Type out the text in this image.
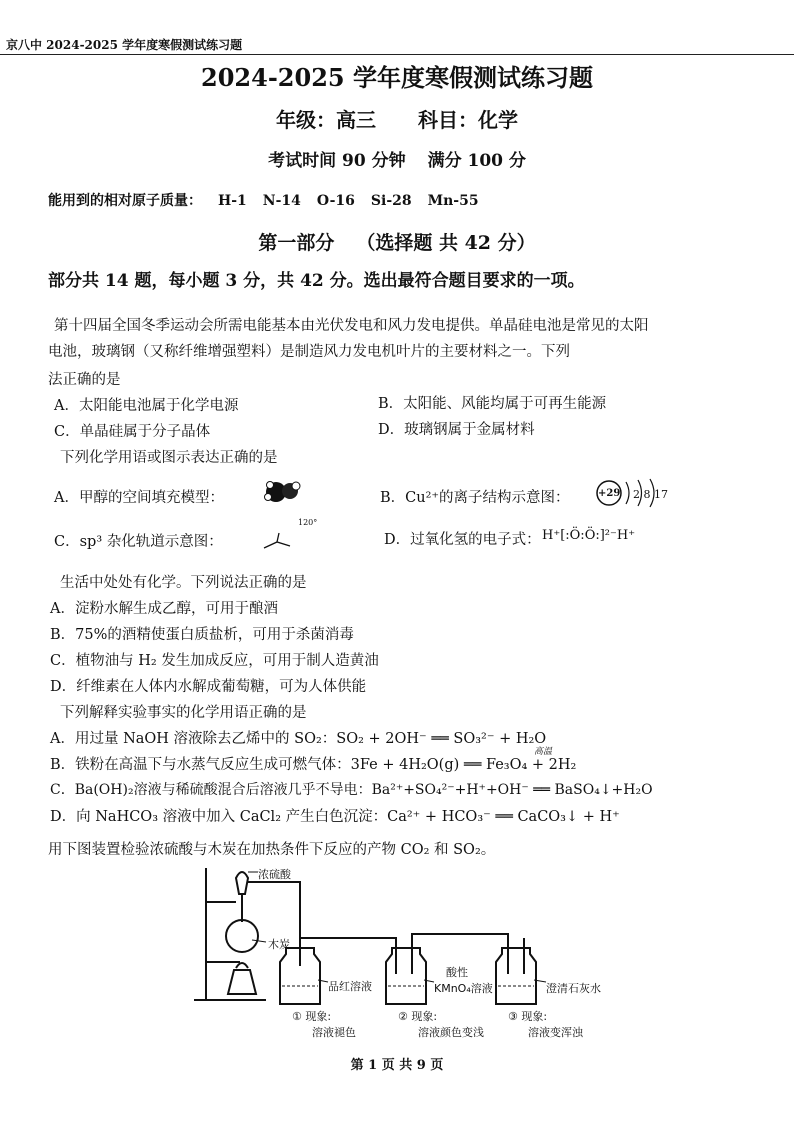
京八中 2024-2025 学年度寒假测试练习题
2024-2025 学年度寒假测试练习题
年级：高三 科目：化学
考试时间 90 分钟 满分 100 分
能用到的相对原子质量： H-1 N-14 O-16 Si-28 Mn-55
第一部分 （选择题 共 42 分）
部分共 14 题，每小题 3 分，共 42 分。选出最符合题目要求的一项。
第十四届全国冬季运动会所需电能基本由光伏发电和风力发电提供。单晶硅电池是常见的太阳
电池，玻璃钢（又称纤维增强塑料）是制造风力发电机叶片的主要材料之一。下列
法正确的是
A．太阳能电池属于化学电源	B．太阳能、风能均属于可再生能源
C．单晶硅属于分子晶体	D．玻璃钢属于金属材料
下列化学用语或图示表达正确的是
A．甲醇的空间填充模型：	B．Cu²⁺的离子结构示意图：	+29 2 8 17
C．sp³ 杂化轨道示意图：
120°
D．过氧化氢的电子式： H⁺[:Ö:Ö:]²⁻H⁺
生活中处处有化学。下列说法正确的是
A．淀粉水解生成乙醇，可用于酿酒
B．75%的酒精使蛋白质盐析，可用于杀菌消毒
C．植物油与 H₂ 发生加成反应，可用于制人造黄油
D．纤维素在人体内水解成葡萄糖，可为人体供能
下列解释实验事实的化学用语正确的是
A．用过量 NaOH 溶液除去乙烯中的 SO₂：SO₂ + 2OH⁻ ══ SO₃²⁻ + H₂O
高温
B．铁粉在高温下与水蒸气反应生成可燃气体：3Fe + 4H₂O(g) ══ Fe₃O₄ + 2H₂
C．Ba(OH)₂溶液与稀硫酸混合后溶液几乎不导电：Ba²⁺+SO₄²⁻+H⁺+OH⁻ ══ BaSO₄↓+H₂O
D．向 NaHCO₃ 溶液中加入 CaCl₂ 产生白色沉淀：Ca²⁺ + HCO₃⁻ ══ CaCO₃↓ + H⁺
用下图装置检验浓硫酸与木炭在加热条件下反应的产物 CO₂ 和 SO₂。
浓硫酸
木炭
品红溶液
酸性
KMnO₄溶液	澄清石灰水
① 现象:
溶液褪色
② 现象:
溶液颜色变浅
③ 现象:
溶液变浑浊
第 1 页 共 9 页
